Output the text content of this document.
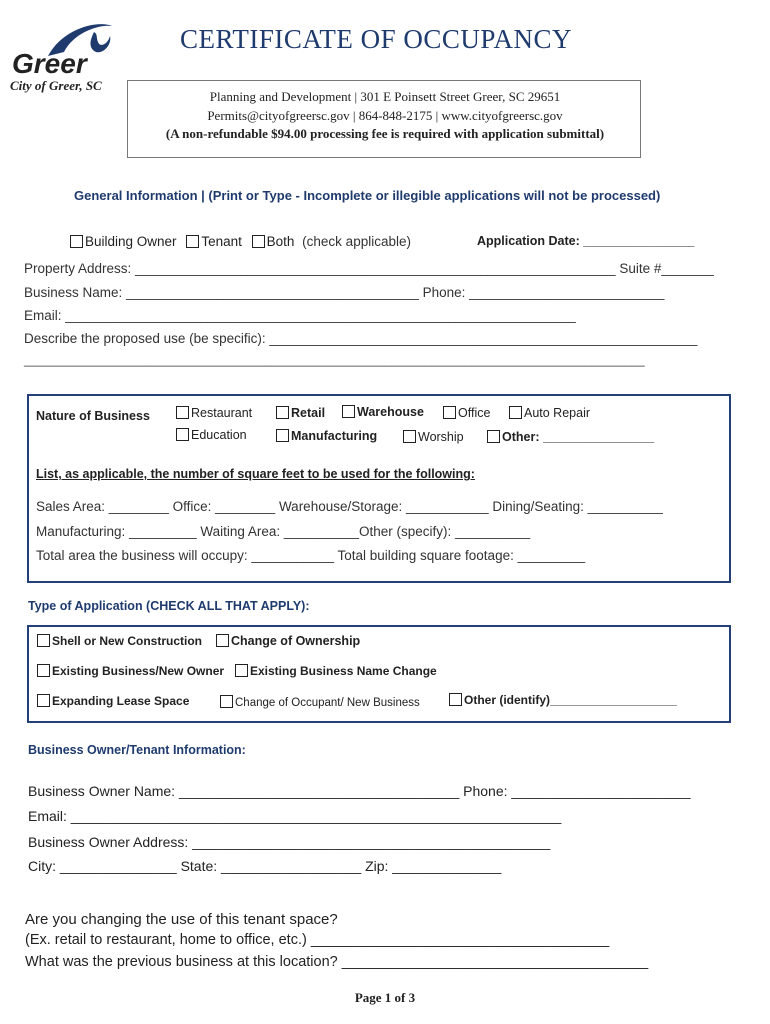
Greer
City of Greer, SC
CERTIFICATE OF OCCUPANCY
Planning and Development | 301 E Poinsett Street Greer, SC 29651
Permits@cityofgreersc.gov | 864-848-2175 | www.cityofgreersc.gov
(A non-refundable $94.00 processing fee is required with application submittal)
General Information | (Print or Type - Incomplete or illegible applications will not be processed)
Building Owner Tenant Both (check applicable)	Application Date: ________________
Property Address: ________________________________________________________________ Suite #_______
Business Name: _______________________________________ Phone: __________________________
Email: ____________________________________________________________________
Describe the proposed use (be specific): _________________________________________________________
_____________________________________________________________________________________________
Nature of Business	Restaurant	Retail	Warehouse	Office	Auto Repair
Education	Manufacturing	Worship	Other: ________________
List, as applicable, the number of square feet to be used for the following:
Sales Area: ________ Office: ________ Warehouse/Storage: ___________ Dining/Seating: __________
Manufacturing: _________ Waiting Area: __________Other (specify): __________
Total area the business will occupy: ___________ Total building square footage: _________
Type of Application (CHECK ALL THAT APPLY):
Shell or New Construction	Change of Ownership
Existing Business/New Owner	Existing Business Name Change
Expanding Lease Space	Change of Occupant/ New Business	Other (identify)___________________
Business Owner/Tenant Information:
Business Owner Name: ____________________________________ Phone: _______________________
Email: _______________________________________________________________
Business Owner Address: ______________________________________________
City: _______________ State: __________________ Zip: ______________
Are you changing the use of this tenant space?
(Ex. retail to restaurant, home to office, etc.) _____________________________________
What was the previous business at this location? ______________________________________
Page 1 of 3
